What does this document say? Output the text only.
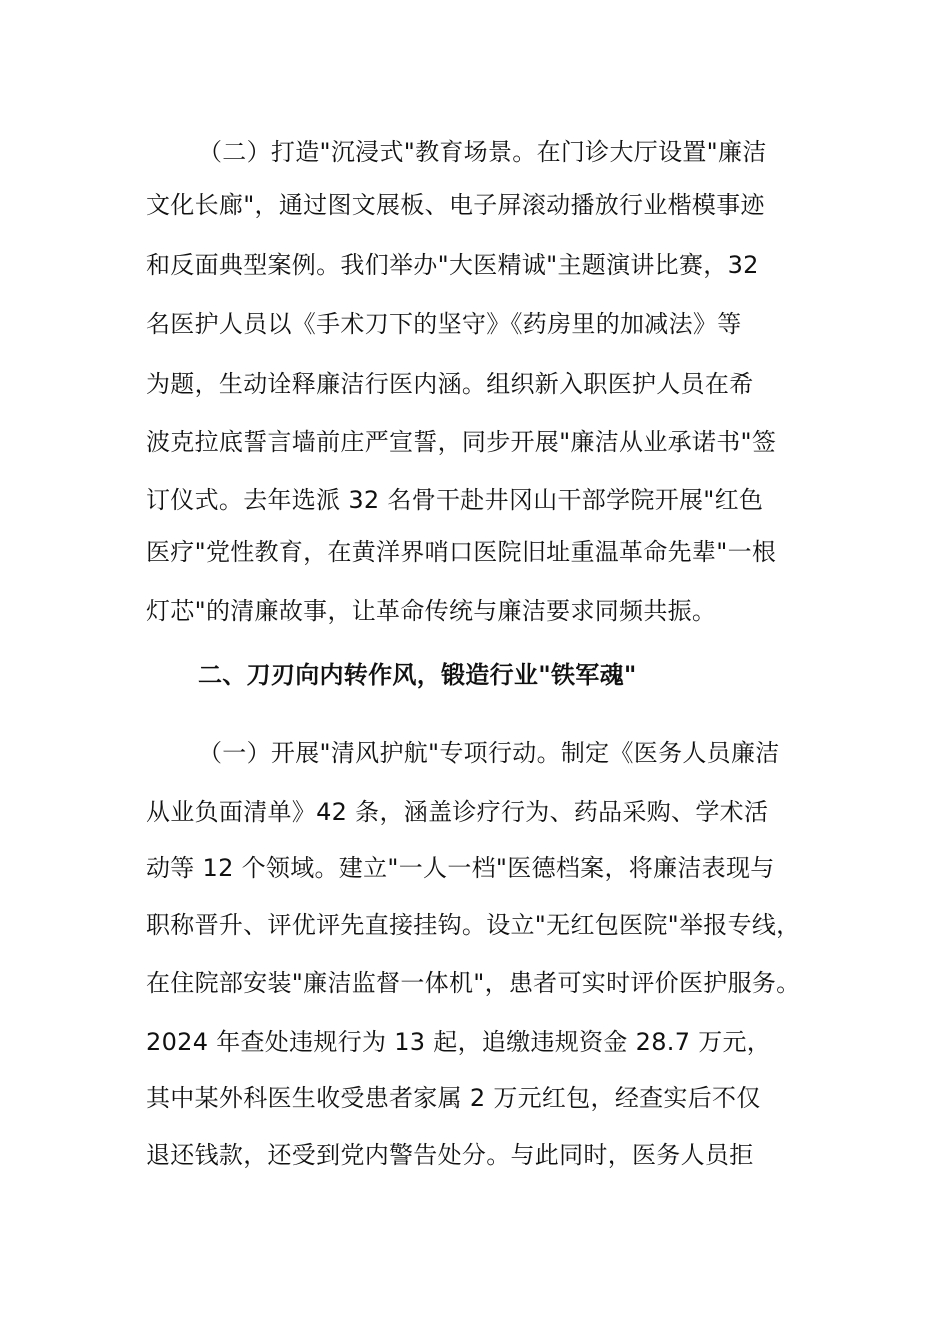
（二）打造"沉浸式"教育场景。在门诊大厅设置"廉洁
文化长廊"，通过图文展板、电子屏滚动播放行业楷模事迹
和反面典型案例。我们举办"大医精诚"主题演讲比赛，32
名医护人员以《手术刀下的坚守》《药房里的加减法》等
为题，生动诠释廉洁行医内涵。组织新入职医护人员在希
波克拉底誓言墙前庄严宣誓，同步开展"廉洁从业承诺书"签
订仪式。去年选派 32 名骨干赴井冈山干部学院开展"红色
医疗"党性教育，在黄洋界哨口医院旧址重温革命先辈"一根
灯芯"的清廉故事，让革命传统与廉洁要求同频共振。
二、刀刃向内转作风，锻造行业"铁军魂"
（一）开展"清风护航"专项行动。制定《医务人员廉洁
从业负面清单》42 条，涵盖诊疗行为、药品采购、学术活
动等 12 个领域。建立"一人一档"医德档案，将廉洁表现与
职称晋升、评优评先直接挂钩。设立"无红包医院"举报专线，
在住院部安装"廉洁监督一体机"，患者可实时评价医护服务。
2024 年查处违规行为 13 起，追缴违规资金 28.7 万元，
其中某外科医生收受患者家属 2 万元红包，经查实后不仅
退还钱款，还受到党内警告处分。与此同时，医务人员拒
